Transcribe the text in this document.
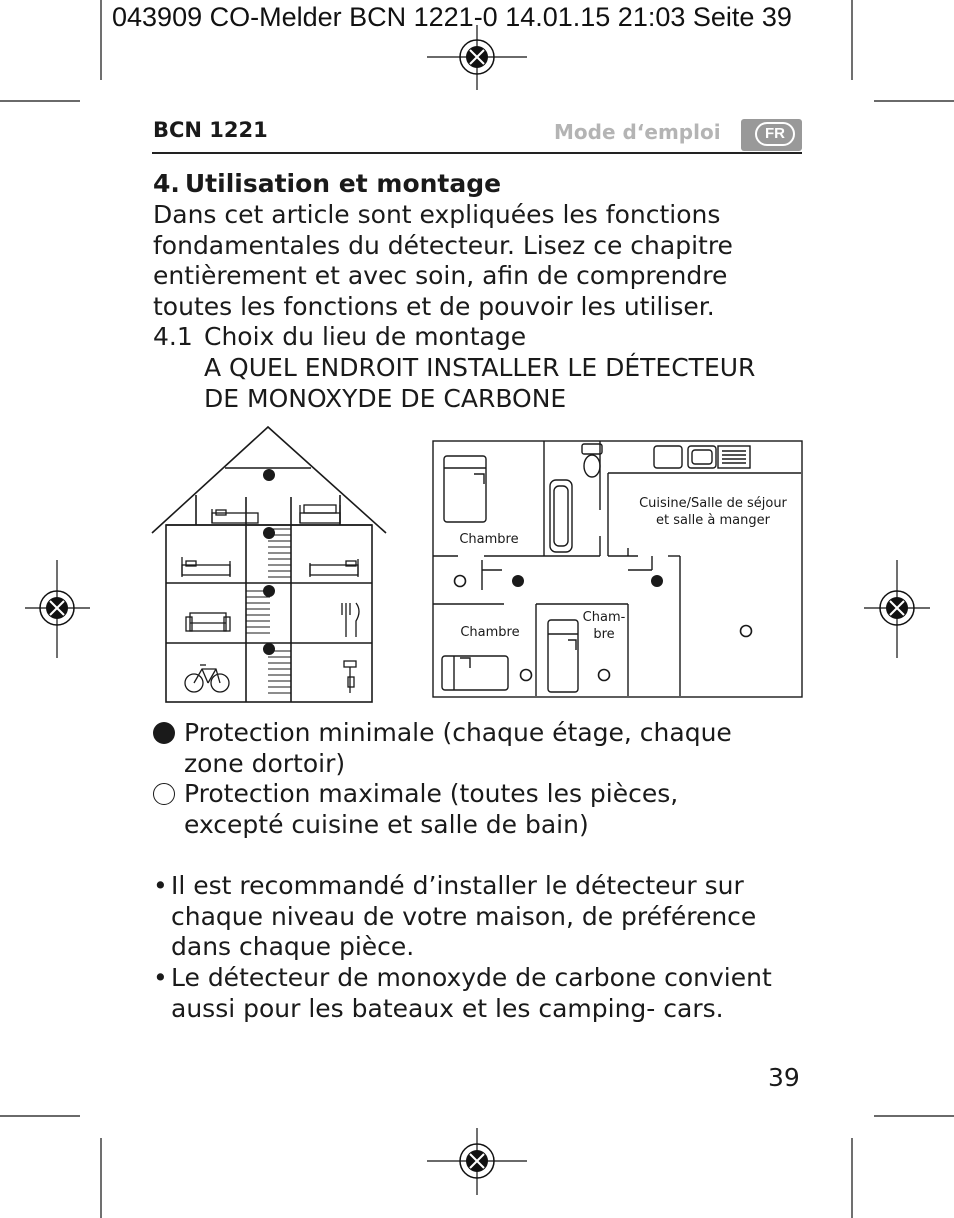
043909 CO-Melder BCN 1221-0 14.01.15 21:03 Seite 39
BCN 1221	Mode d‘emploi	FR
4. Utilisation et montage
Dans cet article sont expliquées les fonctions
fondamentales du détecteur. Lisez ce chapitre
entièrement et avec soin, afin de comprendre
toutes les fonctions et de pouvoir les utiliser.
4.1 Choix du lieu de montage
A QUEL ENDROIT INSTALLER LE DÉTECTEUR
DE MONOXYDE DE CARBONE
Chambre
Cuisine/Salle de séjour
et salle à manger
Chambre
Cham-
bre
Protection minimale (chaque étage, chaque
zone dortoir)
Protection maximale (toutes les pièces,
excepté cuisine et salle de bain)
• Il est recommandé d’installer le détecteur sur
chaque niveau de votre maison, de préférence
dans chaque pièce.
• Le détecteur de monoxyde de carbone convient
aussi pour les bateaux et les camping- cars.
39
